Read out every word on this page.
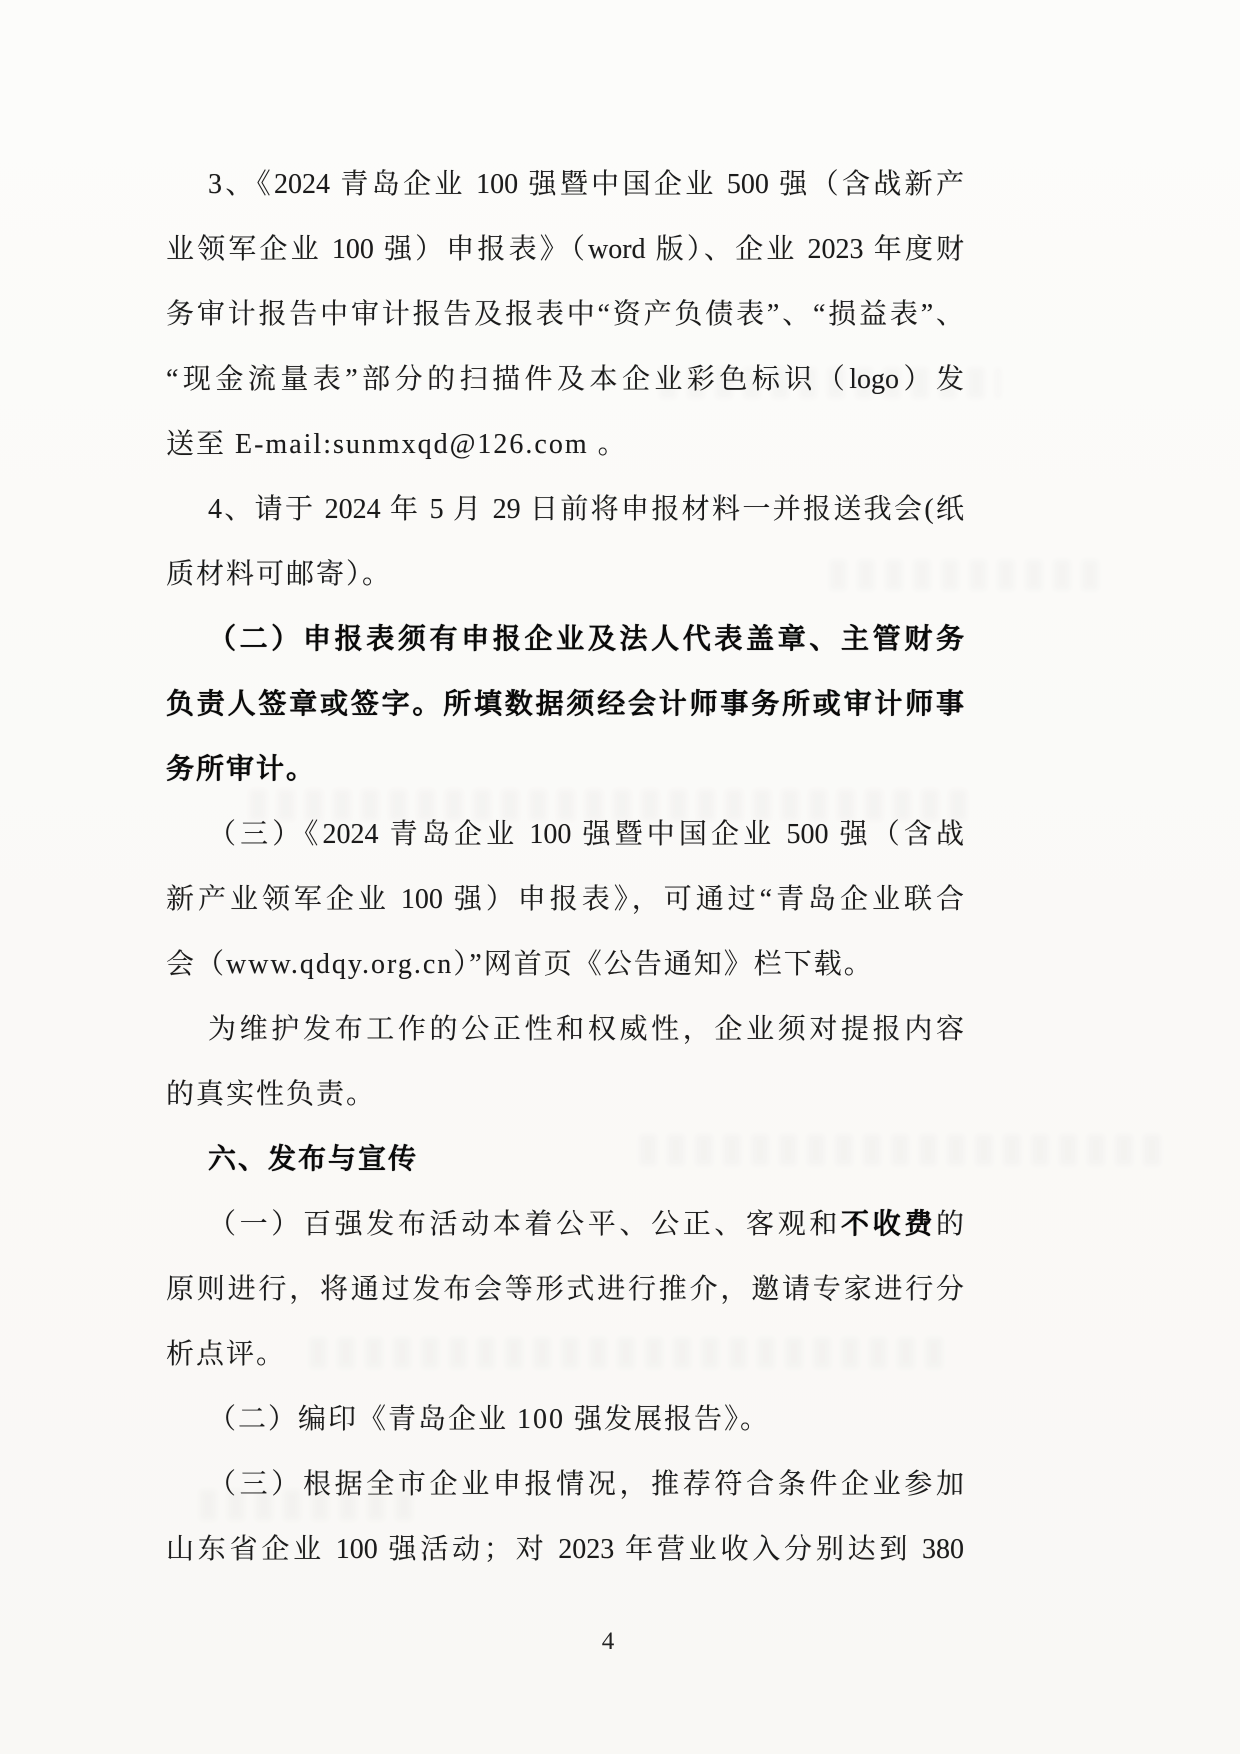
3、《2024 青岛企业 100 强暨中国企业 500 强（含战新产
业领军企业 100 强）申报表》（word 版）、企业 2023 年度财
务审计报告中审计报告及报表中“资产负债表”、“损益表”、
“现金流量表”部分的扫描件及本企业彩色标识（logo）发
送至 E-mail:sunmxqd@126.com 。
4、请于 2024 年 5 月 29 日前将申报材料一并报送我会(纸
质材料可邮寄）。
（二）申报表须有申报企业及法人代表盖章、主管财务
负责人签章或签字。所填数据须经会计师事务所或审计师事
务所审计。
（三）《2024 青岛企业 100 强暨中国企业 500 强（含战
新产业领军企业 100 强）申报表》，可通过“青岛企业联合
会（www.qdqy.org.cn）”网首页《公告通知》栏下载。
为维护发布工作的公正性和权威性，企业须对提报内容
的真实性负责。
六、发布与宣传
（一）百强发布活动本着公平、公正、客观和不收费的
原则进行，将通过发布会等形式进行推介，邀请专家进行分
析点评。
（二）编印《青岛企业 100 强发展报告》。
（三）根据全市企业申报情况，推荐符合条件企业参加
山东省企业 100 强活动；对 2023 年营业收入分别达到 380
4
